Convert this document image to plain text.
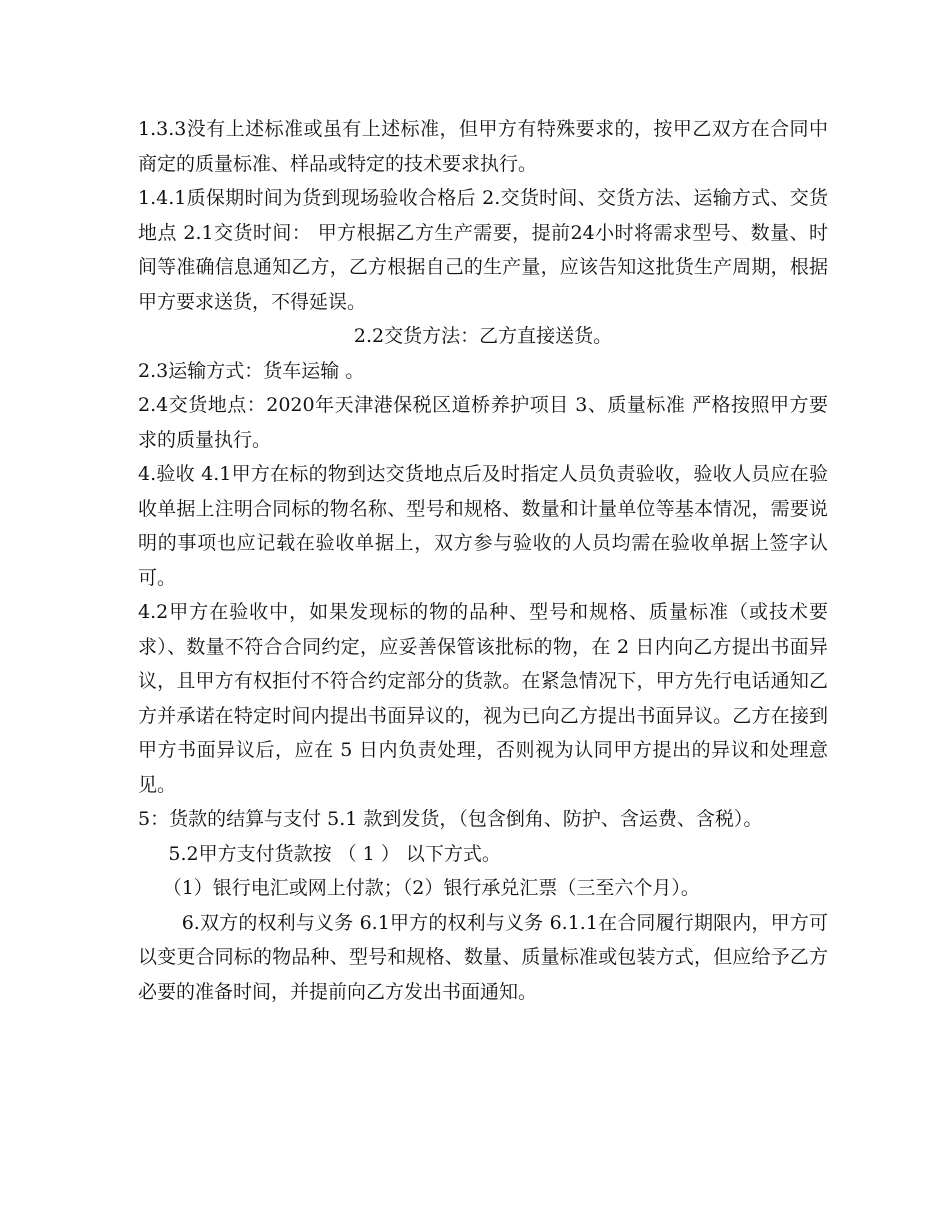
1.3.3没有上述标准或虽有上述标准，但甲方有特殊要求的，按甲乙双方在合同中商定的质量标准、样品或特定的技术要求执行。

1.4.1质保期时间为货到现场验收合格后 2.交货时间、交货方法、运输方式、交货地点 2.1交货时间： 甲方根据乙方生产需要，提前24小时将需求型号、数量、时间等准确信息通知乙方，乙方根据自己的生产量，应该告知这批货生产周期，根据甲方要求送货，不得延误。

2.2交货方法：乙方直接送货。

2.3运输方式：货车运输 。

2.4交货地点：2020年天津港保税区道桥养护项目 3、质量标准 严格按照甲方要求的质量执行。

4.验收 4.1甲方在标的物到达交货地点后及时指定人员负责验收，验收人员应在验收单据上注明合同标的物名称、型号和规格、数量和计量单位等基本情况，需要说明的事项也应记载在验收单据上，双方参与验收的人员均需在验收单据上签字认可。

4.2甲方在验收中，如果发现标的物的品种、型号和规格、质量标准（或技术要求）、数量不符合合同约定，应妥善保管该批标的物，在 2 日内向乙方提出书面异议，且甲方有权拒付不符合约定部分的货款。在紧急情况下，甲方先行电话通知乙方并承诺在特定时间内提出书面异议的，视为已向乙方提出书面异议。乙方在接到甲方书面异议后，应在 5 日内负责处理，否则视为认同甲方提出的异议和处理意见。

5：货款的结算与支付 5.1 款到发货，（包含倒角、防护、含运费、含税）。

5.2甲方支付货款按 （ 1 ） 以下方式。

（1）银行电汇或网上付款；（2）银行承兑汇票（三至六个月）。

6.双方的权利与义务 6.1甲方的权利与义务 6.1.1在合同履行期限内，甲方可以变更合同标的物品种、型号和规格、数量、质量标准或包装方式，但应给予乙方必要的准备时间，并提前向乙方发出书面通知。
